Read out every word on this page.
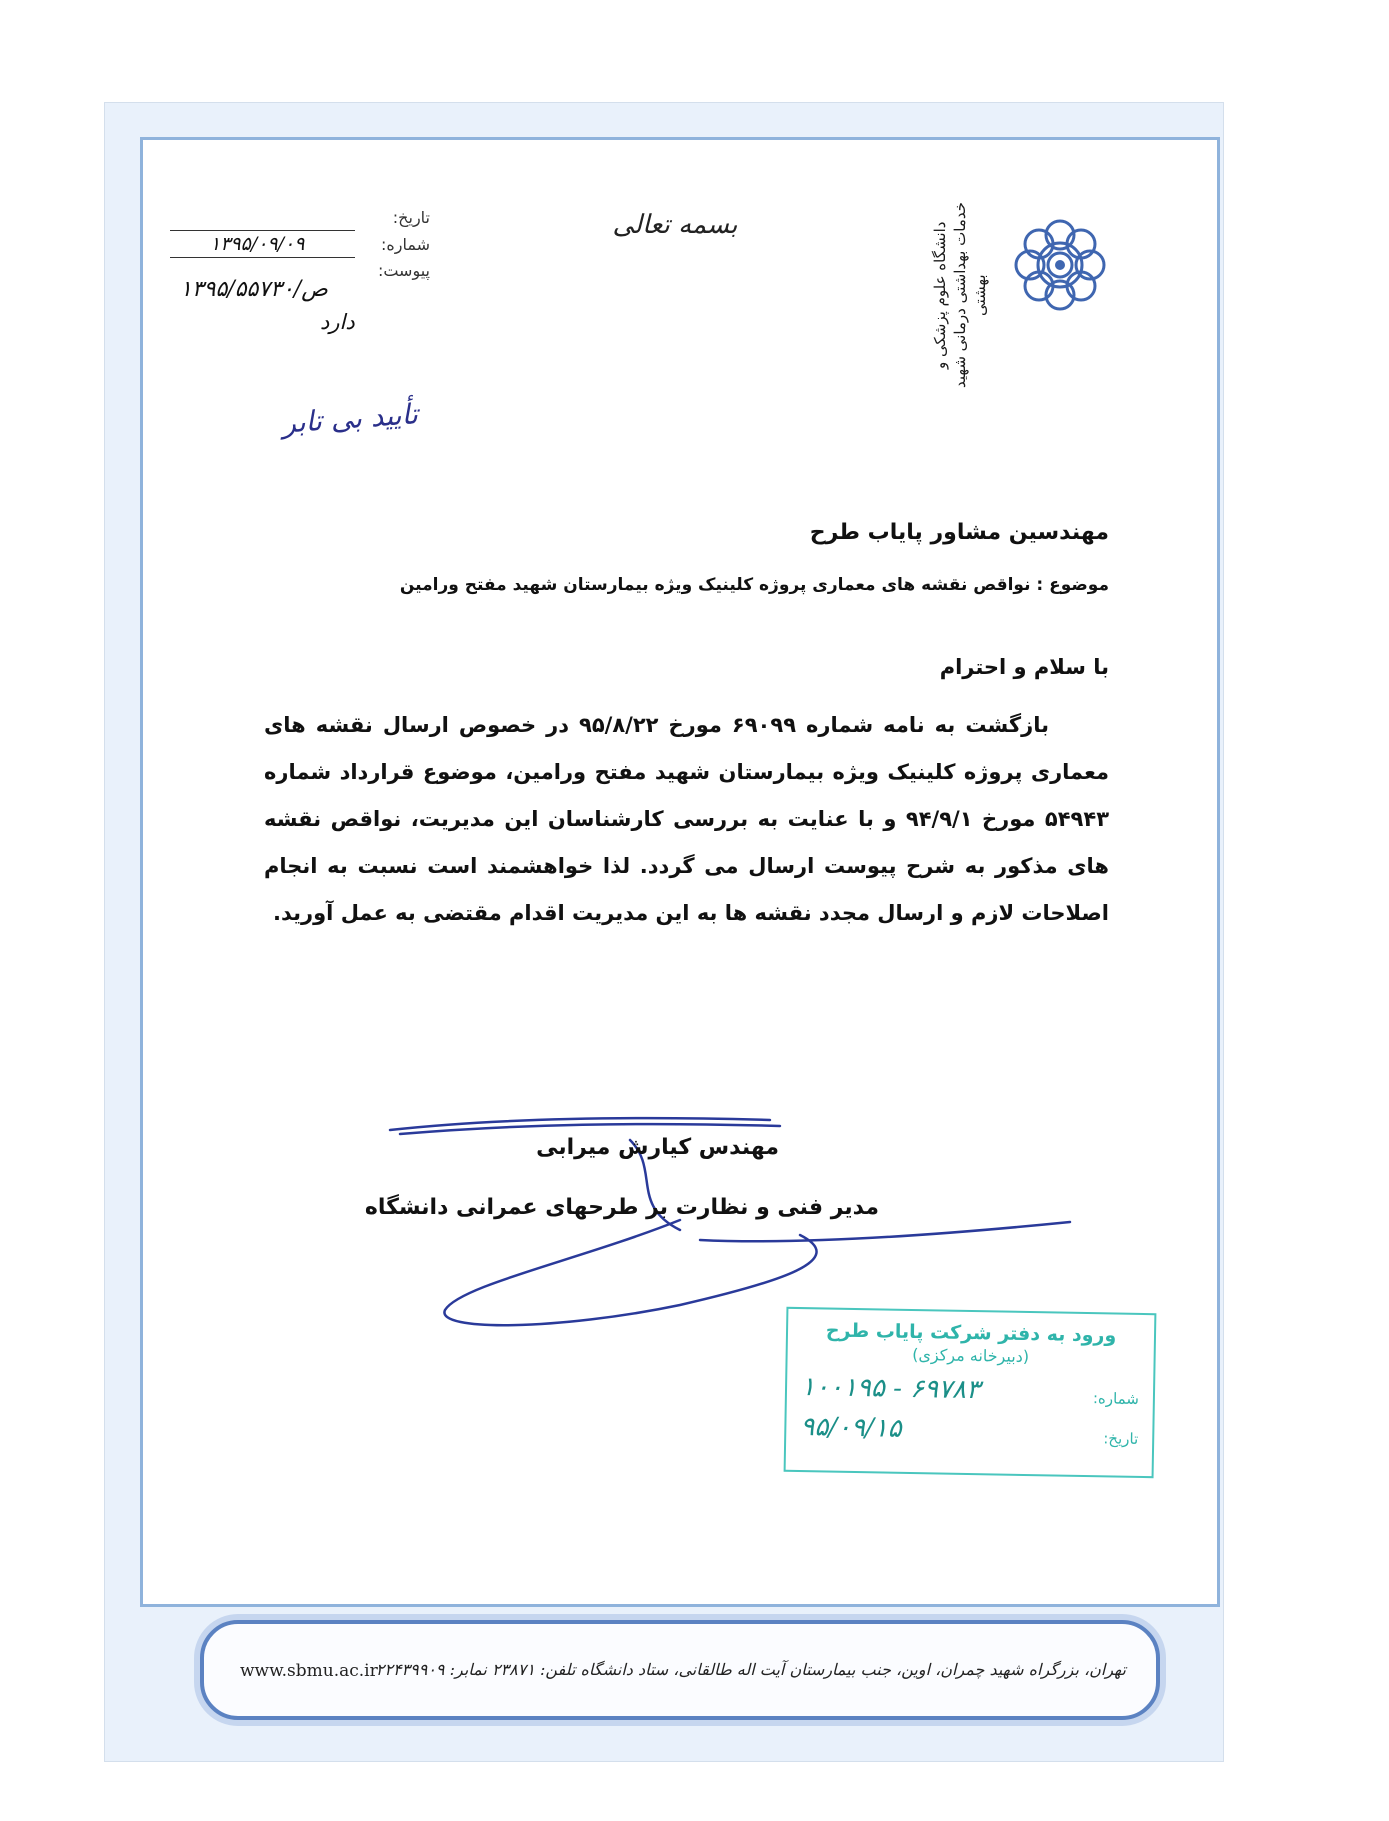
دانشگاه علوم پزشکی و خدمات بهداشتی درمانی شهید بهشتی
بسمه تعالی
تاریخ:
شماره:
۱۳۹۵/۰۹/۰۹
پیوست:
۱۳۹۵/ص/۵۵۷۳۰
دارد
تأیید بی تابر
مهندسین مشاور پایاب طرح
موضوع : نواقص نقشه های معماری پروژه کلینیک ویژه بیمارستان شهید مفتح ورامین
با سلام و احترام
بازگشت به نامه شماره ۶۹۰۹۹ مورخ ۹۵/۸/۲۲ در خصوص ارسال نقشه های معماری پروژه کلینیک ویژه بیمارستان شهید مفتح ورامین، موضوع قرارداد شماره ۵۴۹۴۳ مورخ ۹۴/۹/۱ و با عنایت به بررسی کارشناسان این مدیریت، نواقص نقشه های مذکور به شرح پیوست ارسال می گردد. لذا خواهشمند است نسبت به انجام اصلاحات لازم و ارسال مجدد نقشه ها به این مدیریت اقدام مقتضی به عمل آورید.
مهندس کیارش میرابی
مدیر فنی و نظارت بر طرحهای عمرانی دانشگاه
ورود به دفتر شرکت پایاب طرح
(دبیرخانه مرکزی)
شماره:
۱۰۰۱۹۵ - ۶۹۷۸۳
تاریخ:
۹۵/۰۹/۱۵
www.sbmu.ac.ir
تهران، بزرگراه شهید چمران، اوین، جنب بیمارستان آیت اله طالقانی، ستاد دانشگاه تلفن: ۲۳۸۷۱ نمابر: ۲۲۴۳۹۹۰۹
